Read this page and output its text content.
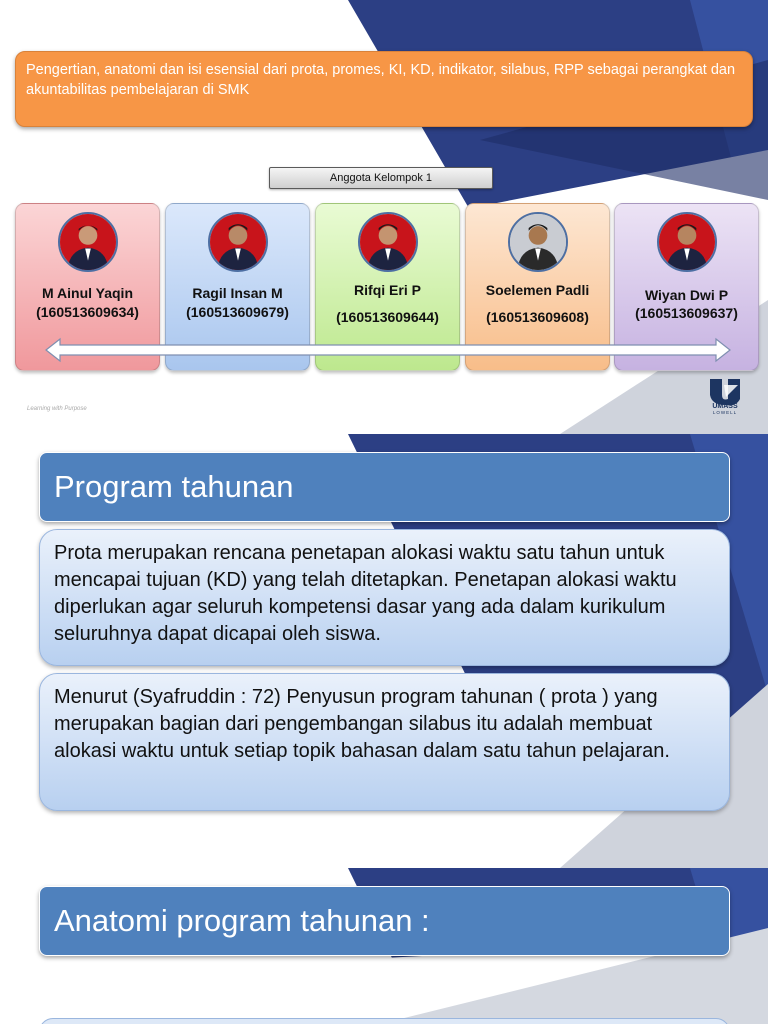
Pengertian, anatomi dan isi esensial dari prota, promes, KI, KD, indikator, silabus, RPP sebagai perangkat dan akuntabilitas pembelajaran di SMK
Anggota Kelompok 1
M Ainul Yaqin
(160513609634)
Ragil Insan M
(160513609679)
Rifqi Eri P
(160513609644)
Soelemen Padli
(160513609608)
Wiyan Dwi P
(160513609637)
Learning with Purpose	UMASS
LOWELL
Program tahunan
Prota merupakan rencana penetapan alokasi waktu satu tahun untuk mencapai tujuan (KD) yang telah ditetapkan. Penetapan alokasi waktu diperlukan agar seluruh kompetensi dasar yang ada dalam kurikulum seluruhnya dapat dicapai oleh siswa.
Menurut (Syafruddin : 72) Penyusun program tahunan ( prota ) yang merupakan bagian dari pengembangan silabus itu adalah membuat alokasi waktu untuk setiap topik bahasan dalam satu tahun pelajaran.
Anatomi program tahunan :
